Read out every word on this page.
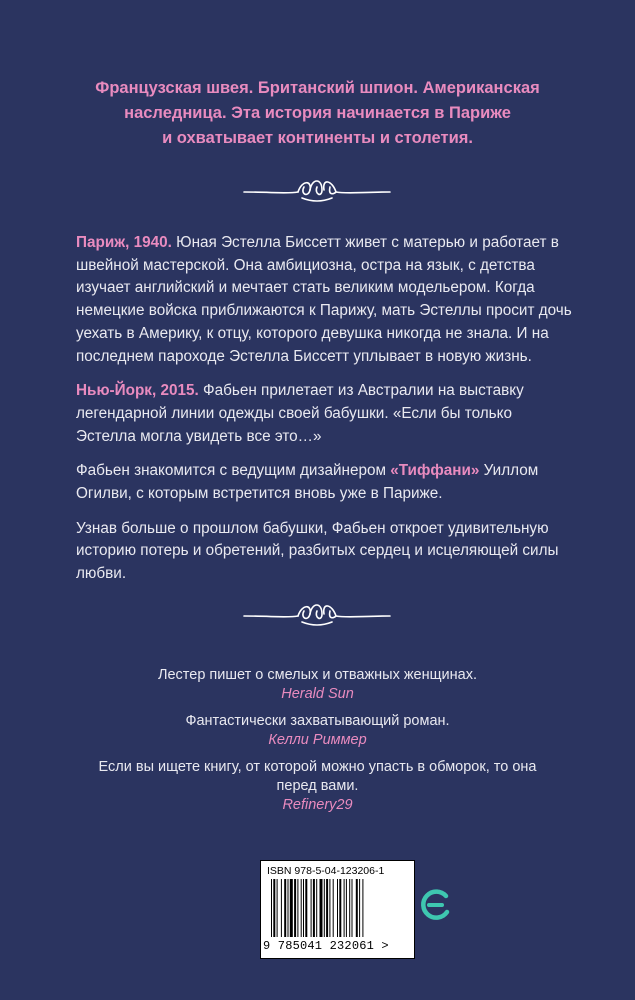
Французская швея. Британский шпион. Американская
наследница. Эта история начинается в Париже
и охватывает континенты и столетия.

Париж, 1940. Юная Эстелла Биссетт живет с матерью и работает в швейной мастерской. Она амбициозна, остра на язык, с детства изучает английский и мечтает стать великим модельером. Когда немецкие войска приближаются к Парижу, мать Эстеллы просит дочь уехать в Америку, к отцу, которого девушка никогда не знала. И на последнем пароходе Эстелла Биссетт уплывает в новую жизнь.

Нью-Йорк, 2015. Фабьен прилетает из Австралии на выставку легендарной линии одежды своей бабушки. «Если бы только Эстелла могла увидеть все это…»

Фабьен знакомится с ведущим дизайнером «Тиффани» Уиллом Огилви, с которым встретится вновь уже в Париже.

Узнав больше о прошлом бабушки, Фабьен откроет удивительную историю потерь и обретений, разбитых сердец и исцеляющей силы любви.

Лестер пишет о смелых и отважных женщинах.
Herald Sun
Фантастически захватывающий роман.
Келли Риммер
Если вы ищете книгу, от которой можно упасть в обморок, то она перед вами.
Refinery29
ISBN 978-5-04-123206-1
9 785041 232061 >
